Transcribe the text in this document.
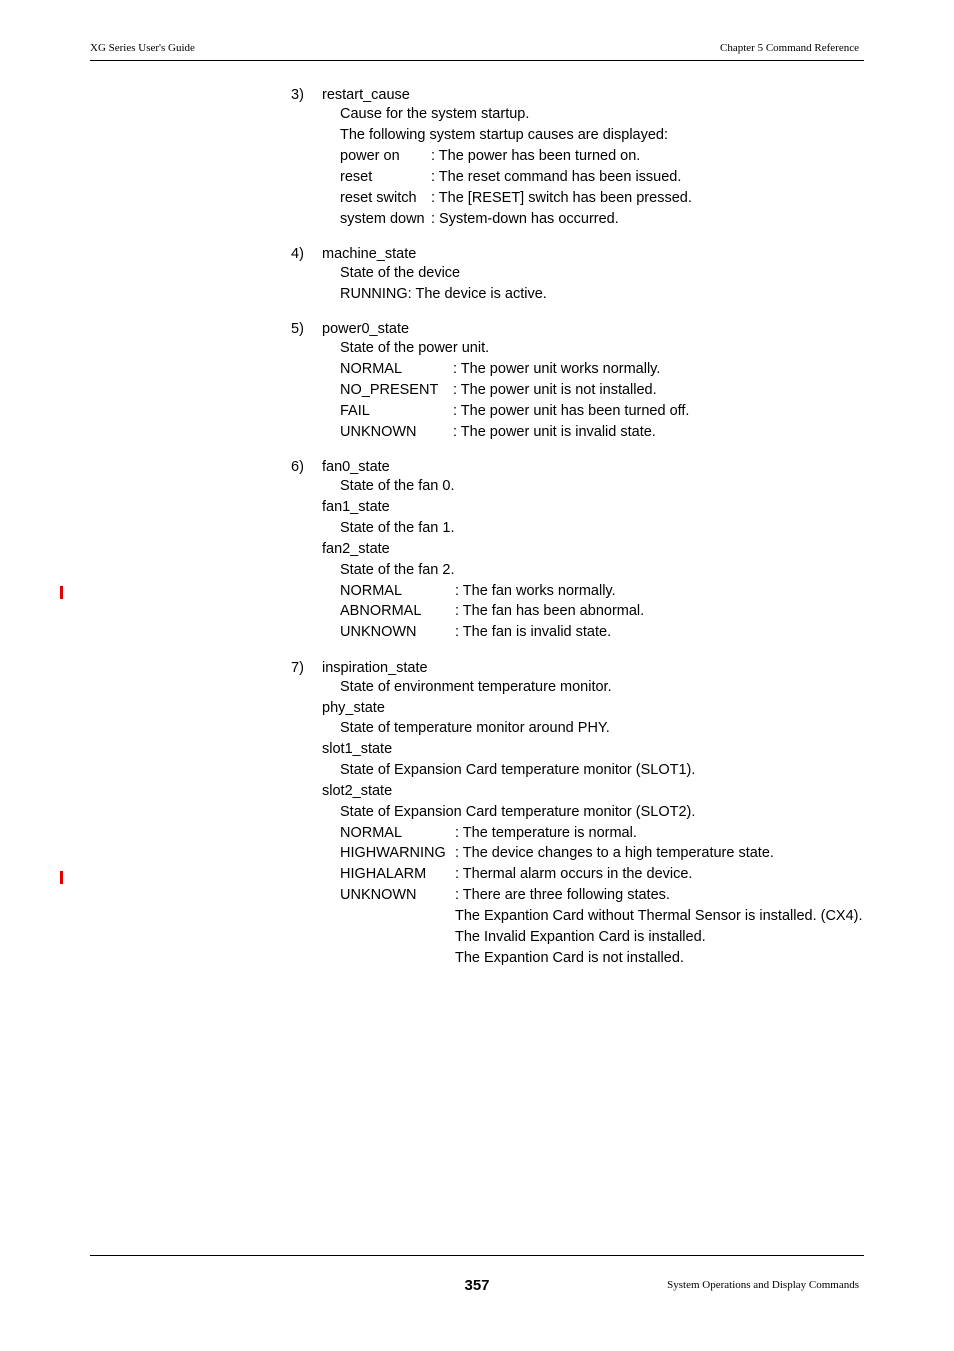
XG Series User's Guide	Chapter 5 Command Reference
3) restart_cause
Cause for the system startup.
The following system startup causes are displayed:
power on : The power has been turned on.
reset	: The reset command has been issued.
reset switch : The [RESET] switch has been pressed.
system down : System-down has occurred.
4) machine_state
State of the device
RUNNING: The device is active.
5) power0_state
State of the power unit.
NORMAL	: The power unit works normally.
NO_PRESENT : The power unit is not installed.
FAIL	: The power unit has been turned off.
UNKNOWN	: The power unit is invalid state.
6) fan0_state
State of the fan 0.
fan1_state
State of the fan 1.
fan2_state
State of the fan 2.
NORMAL	: The fan works normally.
ABNORMAL : The fan has been abnormal.
UNKNOWN	: The fan is invalid state.
7) inspiration_state
State of environment temperature monitor.
phy_state
State of temperature monitor around PHY.
slot1_state
State of Expansion Card temperature monitor (SLOT1).
slot2_state
State of Expansion Card temperature monitor (SLOT2).
NORMAL	: The temperature is normal.
HIGHWARNING : The device changes to a high temperature state.
HIGHALARM : Thermal alarm occurs in the device.
UNKNOWN	: There are three following states.
The Expantion Card without Thermal Sensor is installed. (CX4).
The Invalid Expantion Card is installed.
The Expantion Card is not installed.
357	System Operations and Display Commands
